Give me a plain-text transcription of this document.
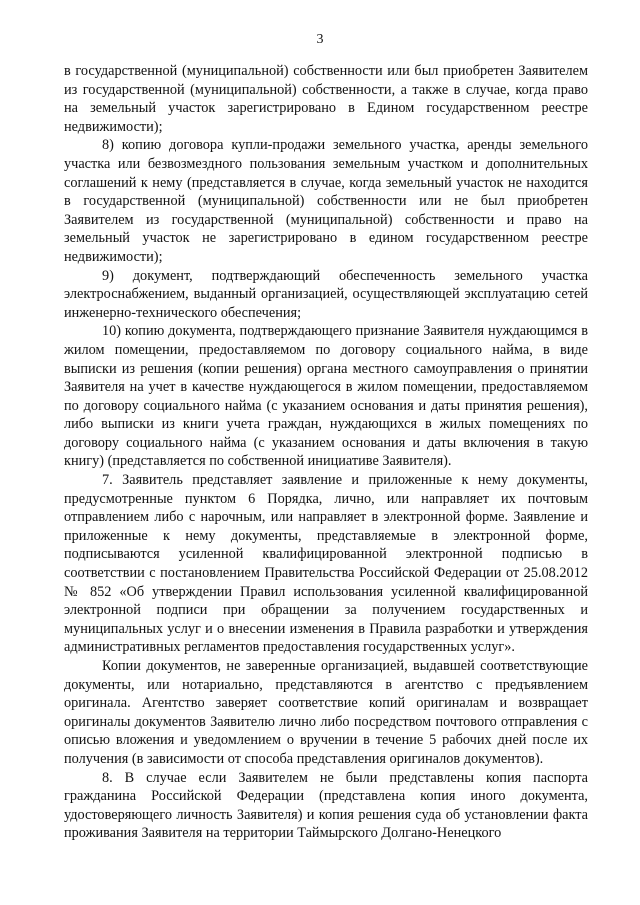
3

в государственной (муниципальной) собственности или был приобретен Заявителем из государственной (муниципальной) собственности, а также в случае, когда право на земельный участок зарегистрировано в Едином государственном реестре недвижимости);

8) копию договора купли-продажи земельного участка, аренды земельного участка или безвозмездного пользования земельным участком и дополнительных соглашений к нему (представляется в случае, когда земельный участок не находится в государственной (муниципальной) собственности или не был приобретен Заявителем из государственной (муниципальной) собственности и право на земельный участок не зарегистрировано в едином государственном реестре недвижимости);

9) документ, подтверждающий обеспеченность земельного участка электроснабжением, выданный организацией, осуществляющей эксплуатацию сетей инженерно-технического обеспечения;

10) копию документа, подтверждающего признание Заявителя нуждающимся в жилом помещении, предоставляемом по договору социального найма, в виде выписки из решения (копии решения) органа местного самоуправления о принятии Заявителя на учет в качестве нуждающегося в жилом помещении, предоставляемом по договору социального найма (с указанием основания и даты принятия решения), либо выписки из книги учета граждан, нуждающихся в жилых помещениях по договору социального найма (с указанием основания и даты включения в такую книгу) (представляется по собственной инициативе Заявителя).

7. Заявитель представляет заявление и приложенные к нему документы, предусмотренные пунктом 6 Порядка, лично, или направляет их почтовым отправлением либо с нарочным, или направляет в электронной форме. Заявление и приложенные к нему документы, представляемые в электронной форме, подписываются усиленной квалифицированной электронной подписью в соответствии с постановлением Правительства Российской Федерации от 25.08.2012 № 852 «Об утверждении Правил использования усиленной квалифицированной электронной подписи при обращении за получением государственных и муниципальных услуг и о внесении изменения в Правила разработки и утверждения административных регламентов предоставления государственных услуг».

Копии документов, не заверенные организацией, выдавшей соответствующие документы, или нотариально, представляются в агентство с предъявлением оригинала. Агентство заверяет соответствие копий оригиналам и возвращает оригиналы документов Заявителю лично либо посредством почтового отправления с описью вложения и уведомлением о вручении в течение 5 рабочих дней после их получения (в зависимости от способа представления оригиналов документов).

8. В случае если Заявителем не были представлены копия паспорта гражданина Российской Федерации (представлена копия иного документа, удостоверяющего личность Заявителя) и копия решения суда об установлении факта проживания Заявителя на территории Таймырского Долгано-Ненецкого
